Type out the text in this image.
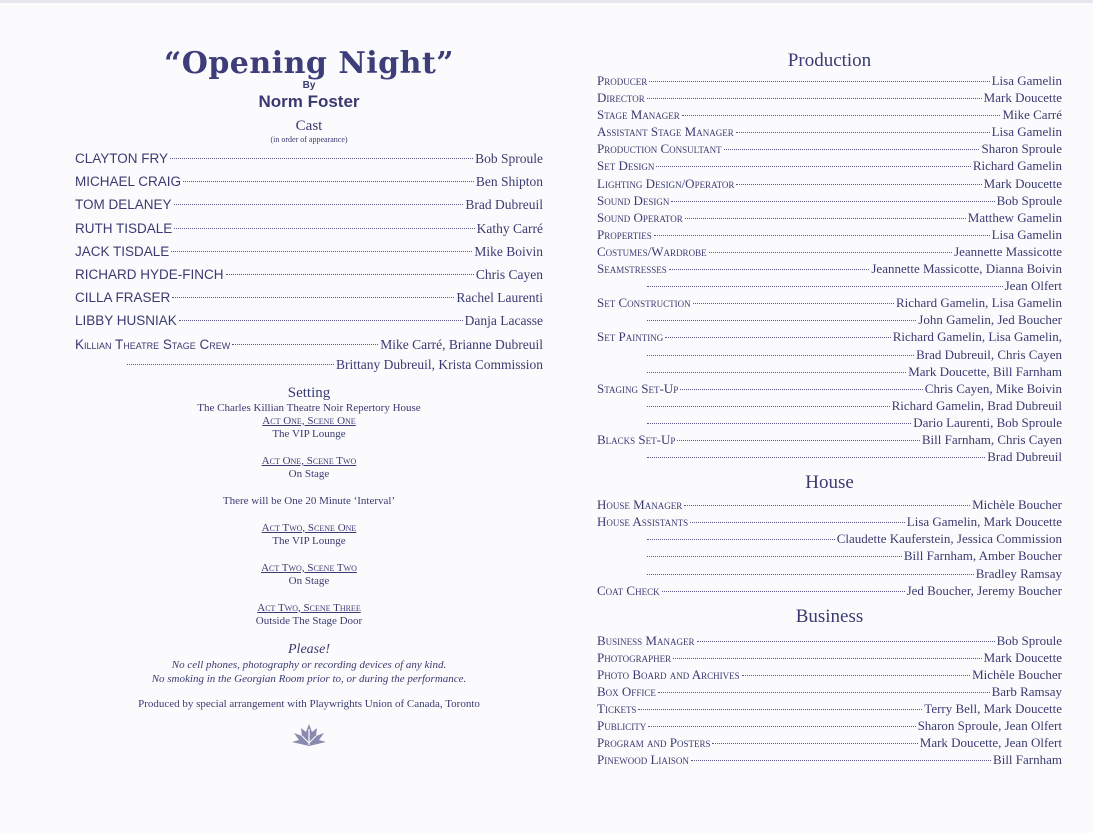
“Opening Night”
By
Norm Foster
Cast
(in order of appearance)
CLAYTON FRY	Bob Sproule
MICHAEL CRAIG	Ben Shipton
TOM DELANEY	Brad Dubreuil
RUTH TISDALE	Kathy Carré
JACK TISDALE	Mike Boivin
RICHARD HYDE-FINCH	Chris Cayen
CILLA FRASER	Rachel Laurenti
LIBBY HUSNIAK	Danja Lacasse
Killian Theatre Stage Crew	Mike Carré, Brianne Dubreuil
Brittany Dubreuil, Krista Commission
Setting
The Charles Killian Theatre Noir Repertory House
Act One, Scene One
The VIP Lounge
Act One, Scene Two
On Stage
There will be One 20 Minute ‘Interval’
Act Two, Scene One
The VIP Lounge
Act Two, Scene Two
On Stage
Act Two, Scene Three
Outside The Stage Door
Please!
No cell phones, photography or recording devices of any kind.
No smoking in the Georgian Room prior to, or during the performance.
Produced by special arrangement with Playwrights Union of Canada, Toronto
Production
Producer	Lisa Gamelin
Director	Mark Doucette
Stage Manager	Mike Carré
Assistant Stage Manager	Lisa Gamelin
Production Consultant	Sharon Sproule
Set Design	Richard Gamelin
Lighting Design/Operator	Mark Doucette
Sound Design	Bob Sproule
Sound Operator	Matthew Gamelin
Properties	Lisa Gamelin
Costumes/Wardrobe	Jeannette Massicotte
Seamstresses	Jeannette Massicotte, Dianna Boivin
Jean Olfert
Set Construction	Richard Gamelin, Lisa Gamelin
John Gamelin, Jed Boucher
Set Painting	Richard Gamelin, Lisa Gamelin,
Brad Dubreuil, Chris Cayen
Mark Doucette, Bill Farnham
Staging Set-Up	Chris Cayen, Mike Boivin
Richard Gamelin, Brad Dubreuil
Dario Laurenti, Bob Sproule
Blacks Set-Up	Bill Farnham, Chris Cayen
Brad Dubreuil
House
House Manager	Michèle Boucher
House Assistants	Lisa Gamelin, Mark Doucette
Claudette Kauferstein, Jessica Commission
Bill Farnham, Amber Boucher
Bradley Ramsay
Coat Check	Jed Boucher, Jeremy Boucher
Business
Business Manager	Bob Sproule
Photographer	Mark Doucette
Photo Board and Archives	Michèle Boucher
Box Office	Barb Ramsay
Tickets	Terry Bell, Mark Doucette
Publicity	Sharon Sproule, Jean Olfert
Program and Posters	Mark Doucette, Jean Olfert
Pinewood Liaison	Bill Farnham
